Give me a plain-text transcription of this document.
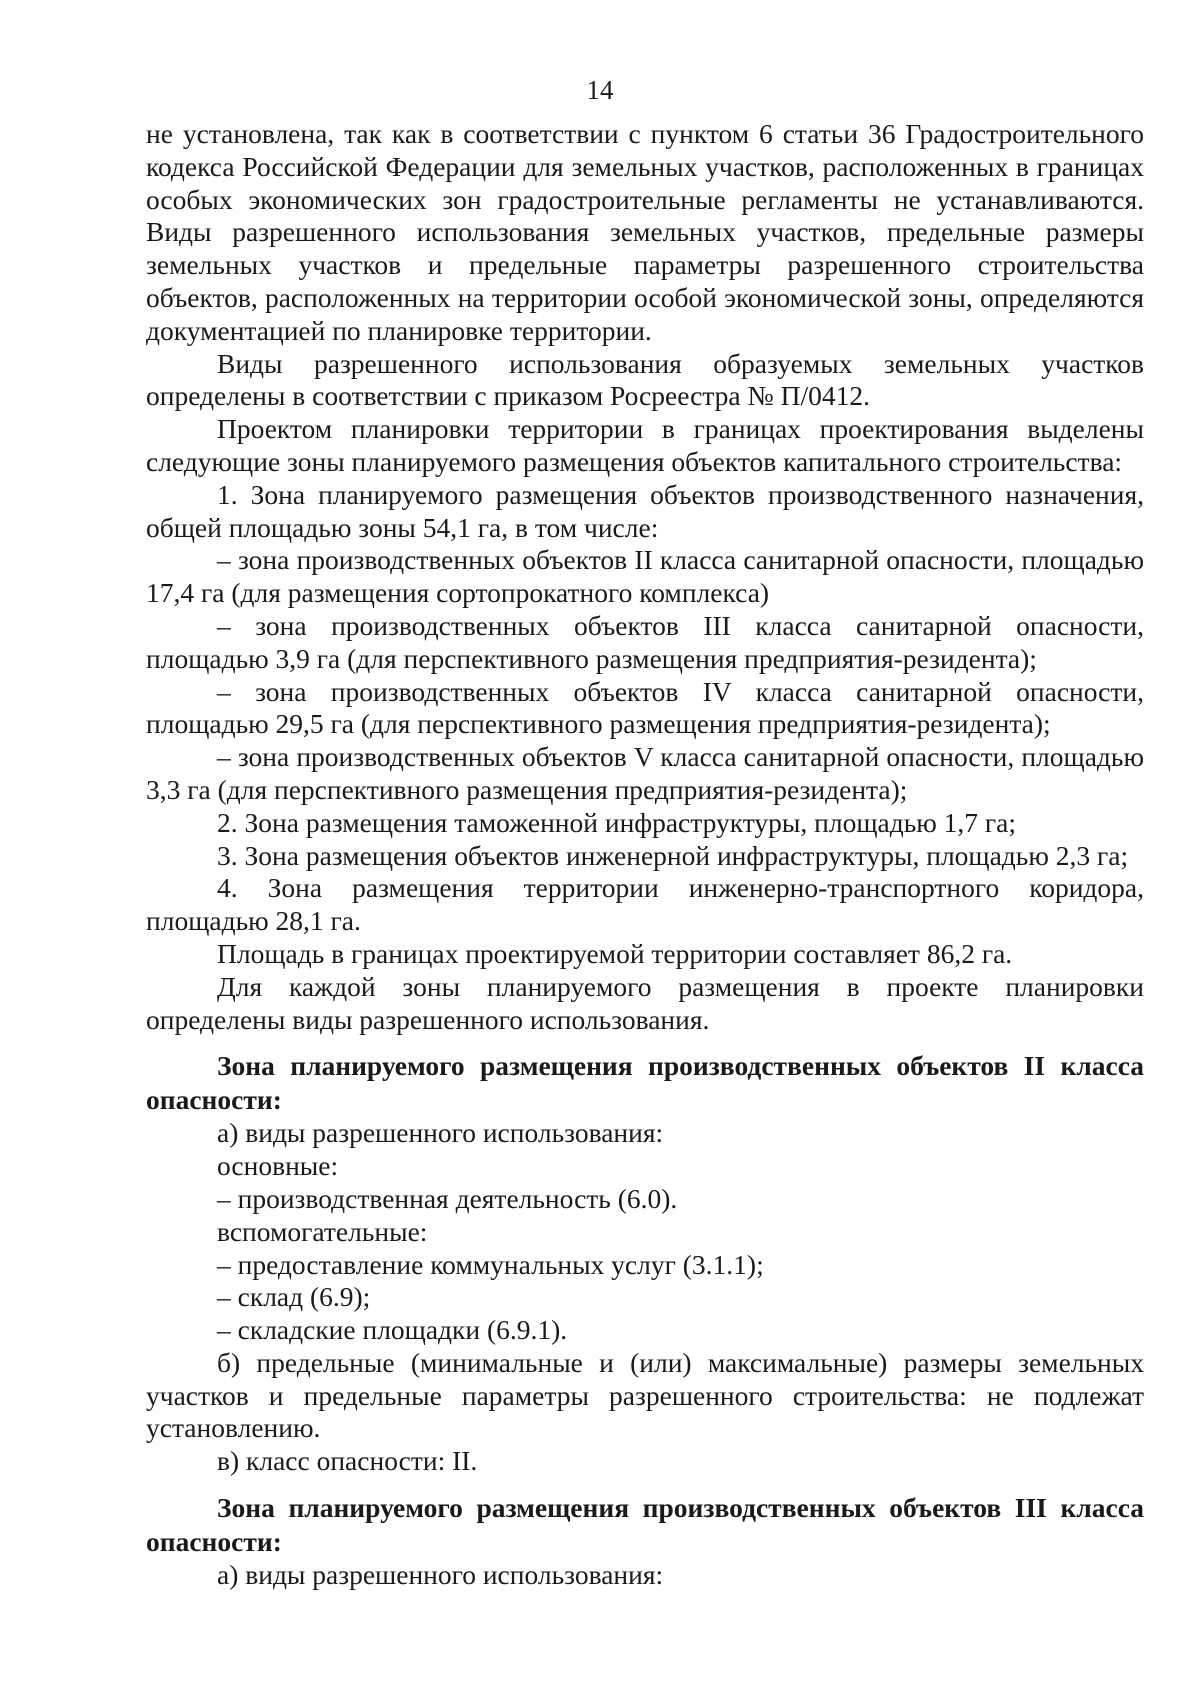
14

не установлена, так как в соответствии с пунктом 6 статьи 36 Градостроительного кодекса Российской Федерации для земельных участков, расположенных в границах особых экономических зон градостроительные регламенты не устанавливаются. Виды разрешенного использования земельных участков, предельные размеры земельных участков и предельные параметры разрешенного строительства объектов, расположенных на территории особой экономической зоны, определяются документацией по планировке территории.

Виды разрешенного использования образуемых земельных участков определены в соответствии с приказом Росреестра № П/0412.

Проектом планировки территории в границах проектирования выделены следующие зоны планируемого размещения объектов капитального строительства:

1. Зона планируемого размещения объектов производственного назначения, общей площадью зоны 54,1 га, в том числе:

– зона производственных объектов II класса санитарной опасности, площадью 17,4 га (для размещения сортопрокатного комплекса)

– зона производственных объектов III класса санитарной опасности, площадью 3,9 га (для перспективного размещения предприятия-резидента);

– зона производственных объектов IV класса санитарной опасности, площадью 29,5 га (для перспективного размещения предприятия-резидента);

– зона производственных объектов V класса санитарной опасности, площадью 3,3 га (для перспективного размещения предприятия-резидента);

2. Зона размещения таможенной инфраструктуры, площадью 1,7 га;

3. Зона размещения объектов инженерной инфраструктуры, площадью 2,3 га;

4. Зона размещения территории инженерно-транспортного коридора, площадью 28,1 га.

Площадь в границах проектируемой территории составляет 86,2 га.

Для каждой зоны планируемого размещения в проекте планировки определены виды разрешенного использования.

Зона планируемого размещения производственных объектов II класса опасности:

а) виды разрешенного использования:

основные:

– производственная деятельность (6.0).

вспомогательные:

– предоставление коммунальных услуг (3.1.1);

– склад (6.9);

– складские площадки (6.9.1).

б) предельные (минимальные и (или) максимальные) размеры земельных участков и предельные параметры разрешенного строительства: не подлежат установлению.

в) класс опасности: II.

Зона планируемого размещения производственных объектов III класса опасности:

а) виды разрешенного использования:
